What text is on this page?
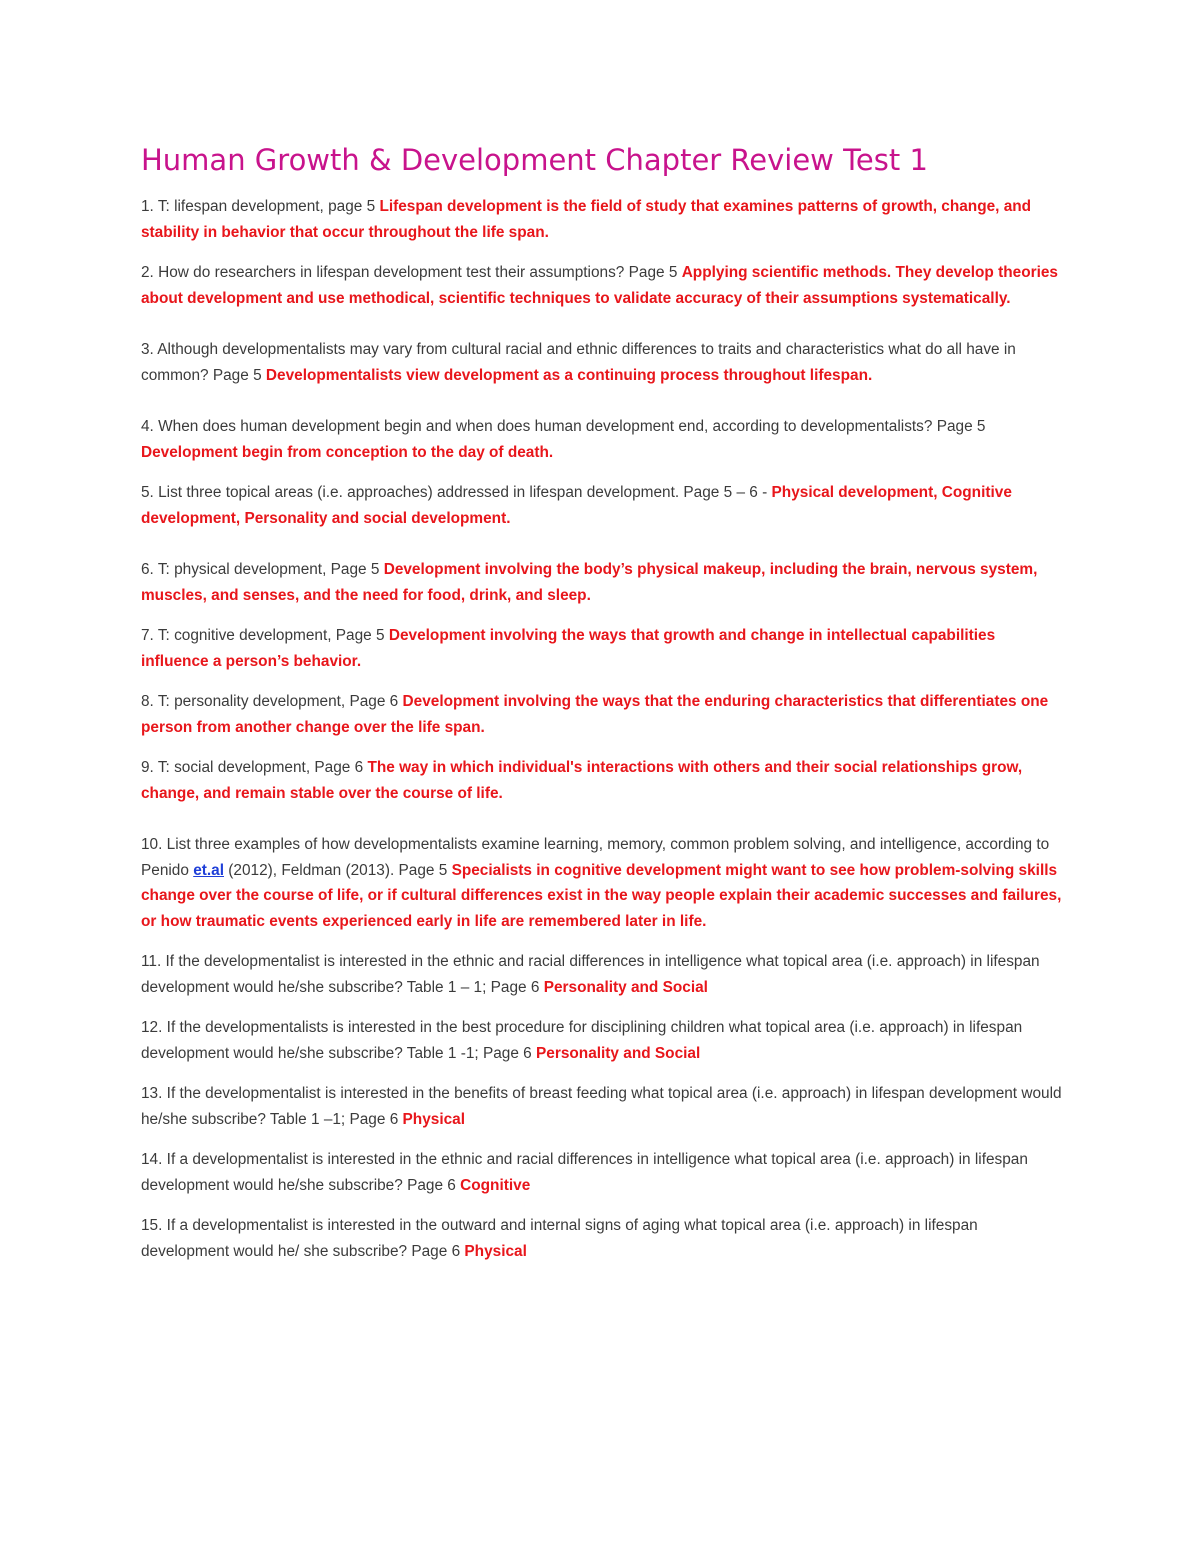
Human Growth & Development Chapter Review Test 1

1. T: lifespan development, page 5 Lifespan development is the field of study that examines patterns of growth, change, and stability in behavior that occur throughout the life span.

2. How do researchers in lifespan development test their assumptions? Page 5 Applying scientific methods. They develop theories about development and use methodical, scientific techniques to validate accuracy of their assumptions systematically.

3. Although developmentalists may vary from cultural racial and ethnic differences to traits and characteristics what do all have in common? Page 5 Developmentalists view development as a continuing process throughout lifespan.

4. When does human development begin and when does human development end, according to developmentalists? Page 5 Development begin from conception to the day of death.

5. List three topical areas (i.e. approaches) addressed in lifespan development. Page 5 – 6 - Physical development, Cognitive development, Personality and social development.

6. T: physical development, Page 5 Development involving the body’s physical makeup, including the brain, nervous system, muscles, and senses, and the need for food, drink, and sleep.

7. T: cognitive development, Page 5 Development involving the ways that growth and change in intellectual capabilities influence a person’s behavior.

8. T: personality development, Page 6 Development involving the ways that the enduring characteristics that differentiates one person from another change over the life span.

9. T: social development, Page 6 The way in which individual's interactions with others and their social relationships grow, change, and remain stable over the course of life.

10. List three examples of how developmentalists examine learning, memory, common problem solving, and intelligence, according to Penido et.al (2012), Feldman (2013). Page 5 Specialists in cognitive development might want to see how problem-solving skills change over the course of life, or if cultural differences exist in the way people explain their academic successes and failures, or how traumatic events experienced early in life are remembered later in life.

11. If the developmentalist is interested in the ethnic and racial differences in intelligence what topical area (i.e. approach) in lifespan development would he/she subscribe? Table 1 – 1; Page 6 Personality and Social

12. If the developmentalists is interested in the best procedure for disciplining children what topical area (i.e. approach) in lifespan development would he/she subscribe? Table 1 -1; Page 6 Personality and Social

13. If the developmentalist is interested in the benefits of breast feeding what topical area (i.e. approach) in lifespan development would he/she subscribe? Table 1 –1; Page 6 Physical

14. If a developmentalist is interested in the ethnic and racial differences in intelligence what topical area (i.e. approach) in lifespan development would he/she subscribe? Page 6 Cognitive

15. If a developmentalist is interested in the outward and internal signs of aging what topical area (i.e. approach) in lifespan development would he/ she subscribe? Page 6 Physical
